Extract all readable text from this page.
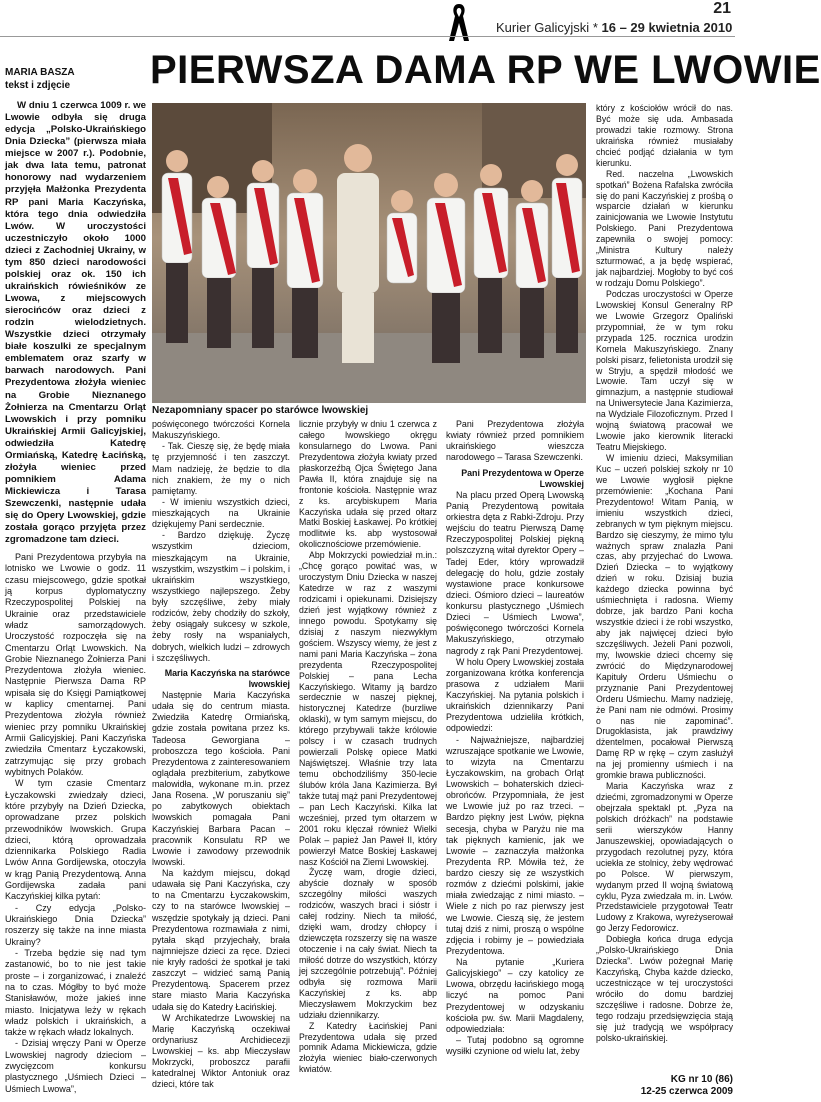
Kurier Galicyjski * 16 – 29 kwietnia 2010
21
MARIA BASZA
tekst i zdjęcie	PIERWSZA DAMA RP WE LWOWIE

W dniu 1 czerwca 1009 r. we Lwowie odbyła się druga edycja „Polsko-Ukraińskiego Dnia Dziecka” (pierwsza miała miejsce w 2007 r.). Podobnie, jak dwa lata temu, patronat honorowy nad wydarzeniem przyjęła Małżonka Prezydenta RP pani Maria Kaczyńska, która tego dnia odwiedziła Lwów. W uroczystości uczestniczyło około 1000 dzieci z Zachodniej Ukrainy, w tym 850 dzieci narodowości polskiej oraz ok. 150 ich ukraińskich rówieśników ze Lwowa, z miejscowych sierocińców oraz dzieci z rodzin wielodzietnych. Wszystkie dzieci otrzymały białe koszulki ze specjalnym emblematem oraz szarfy w barwach narodowych. Pani Prezydentowa złożyła wieniec na Grobie Nieznanego Żołnierza na Cmentarzu Orląt Lwowskich i przy pomniku Ukraińskiej Armii Galicyjskiej, odwiedziła Katedrę Ormiańską, Katedrę Łacińską, złożyła wieniec przed pomnikiem Adama Mickiewicza i Tarasa Szewczenki, następnie udała się do Opery Lwowskiej, gdzie została gorąco przyjęta przez zgromadzone tam dzieci.

Nezapomniany spacer po starówce lwowskiej

Pani Prezydentowa przybyła na lotnisko we Lwowie o godz. 11 czasu miejscowego, gdzie spotkał ją korpus dyplomatyczny Rzeczypospolitej Polskiej na Ukrainie oraz przedstawiciele władz samorządowych. Uroczystość rozpoczęła się na Cmentarzu Orląt Lwowskich. Na Grobie Nieznanego Żołnierza Pani Prezydentowa złożyła wieniec. Następnie Pierwsza Dama RP wpisała się do Księgi Pamiątkowej w kaplicy cmentarnej. Pani Prezydentowa złożyła również wieniec przy pomniku Ukraińskiej Armii Galicyjskiej. Pani Kaczyńska zwiedziła Cmentarz Łyczakowski, zatrzymując się przy grobach wybitnych Polaków.

W tym czasie Cmentarz Łyczakowski zwiedzały dzieci, które przybyły na Dzień Dziecka, oprowadzane przez polskich przewodników lwowskich. Grupa dzieci, którą oprowadzała dziennikarka Polskiego Radia Lwów Anna Gordijewska, otoczyła w krąg Panią Prezydentową. Anna Gordijewska zadała pani Kaczyńskiej kilka pytań:

- Czy edycja „Polsko-Ukraińskiego Dnia Dziecka” roszerzy się także na inne miasta Ukrainy?

- Trzeba będzie się nad tym zastanowić, bo to nie jest takie proste – i zorganizować, i znaleźć na to czas. Mógłby to być może Stanisławów, może jakieś inne miasto. Inicjatywa leży w rękach władz polskich i ukraińskich, a także w rękach władz lokalnych.

- Dzisiaj wręczy Pani w Operze Lwowskiej nagrody dzieciom – zwycięzcom konkursu plastycznego „Uśmiech Dzieci – Uśmiech Lwowa”,

poświęconego twórczości Kornela Makuszyńskiego.

- Tak. Cieszę się, że będę miała tę przyjemność i ten zaszczyt. Mam nadzieję, że będzie to dla nich znakiem, że my o nich pamiętamy.

- W imieniu wszystkich dzieci, mieszkających na Ukrainie dziękujemy Pani serdecznie.

- Bardzo dziękuję. Życzę wszystkim dzieciom, mieszkającym na Ukrainie, wszystkim, wszystkim – i polskim, i ukraińskim wszystkiego, wszystkiego najlepszego. Żeby były szczęśliwe, żeby miały rodziców, żeby chodziły do szkoły, żeby osiągały sukcesy w szkole, żeby rosły na wspaniałych, dobrych, wielkich ludzi – zdrowych i szczęśliwych.

Maria Kaczyńska na starówce lwowskiej

Następnie Maria Kaczyńska udała się do centrum miasta. Zwiedziła Katedrę Ormiańską, gdzie została powitana przez ks. Tadeosa Geworgiana – proboszcza tego kościoła. Pani Prezydentowa z zainteresowaniem oglądała prezbiterium, zabytkowe malowidła, wykonane m.in. przez Jana Rosena. „W poruszaniu się” po zabytkowych obiektach lwowskich pomagała Pani Kaczyńskiej Barbara Pacan – pracownik Konsulatu RP we Lwowie i zawodowy przewodnik lwowski.

Na każdym miejscu, dokąd udawała się Pani Kaczyńska, czy to na Cmentarzu Łyczakowskim, czy to na starówce lwowskiej – wszędzie spotykały ją dzieci. Pani Prezydentowa rozmawiała z nimi, pytała skąd przyjechały, brała najmniejsze dzieci za ręce. Dzieci nie kryły radości że spotkał je taki zaszczyt – widzieć samą Panią Prezydentową. Spacerem przez stare miasto Maria Kaczyńska udała się do Katedry Łacińskiej.

W Archikatedrze Lwowskiej na Marię Kaczyńską oczekiwał ordynariusz Archidiecezji Lwowskiej – ks. abp Mieczysław Mokrzycki, proboszcz parafii katedralnej Wiktor Antoniuk oraz dzieci, które tak

licznie przybyły w dniu 1 czerwca z całego lwowskiego okręgu konsularnego do Lwowa. Pani Prezydentowa złożyła kwiaty przed płaskorzeźbą Ojca Świętego Jana Pawła II, która znajduje się na frontonie kościoła. Następnie wraz z ks. arcybiskupem Maria Kaczyńska udała się przed ołtarz Matki Boskiej Łaskawej. Po krótkiej modlitwie ks. abp wystosował okolicznościowe przemówienie.

Abp Mokrzycki powiedział m.in.: „Chcę gorąco powitać was, w uroczystym Dniu Dziecka w naszej Katedrze w raz z waszymi rodzicami i opiekunami. Dzisiejszy dzień jest wyjątkowy również z innego powodu. Spotykamy się dzisiaj z naszym niezwykłym gościem. Wszyscy wiemy, że jest z nami pani Maria Kaczyńska – żona prezydenta Rzeczypospolitej Polskiej – pana Lecha Kaczyńskiego. Witamy ją bardzo serdecznie w naszej pięknej, historycznej Katedrze (burzliwe oklaski), w tym samym miejscu, do którego przybywali także królowie polscy i w czasach trudnych powierzali Polskę opiece Matki Najświętszej. Właśnie trzy lata temu obchodziliśmy 350-lecie ślubów króla Jana Kazimierza. Był także tutaj mąż pani Prezydentowej – pan Lech Kaczyński. Kilka lat wcześniej, przed tym ołtarzem w 2001 roku klęczał również Wielki Polak – papież Jan Paweł II, który powierzył Matce Boskiej Łaskawej nasz Kościół na Ziemi Lwowskiej.

Życzę wam, drogie dzieci, abyście doznały w sposób szczególny miłości waszych rodziców, waszych braci i sióstr i całej rodziny. Niech ta miłość, dzięki wam, drodzy chłopcy i dziewczęta rozszerzy się na wasze otoczenie i na cały świat. Niech ta miłość dotrze do wszystkich, którzy jej szczególnie potrzebują”. Później odbyła się rozmowa Marii Kaczyńskiej z ks. abp Mieczysławem Mokrzyckim bez udziału dziennikarzy.

Z Katedry Łacińskiej Pani Prezydentowa udała się przed pomnik Adama Mickiewicza, gdzie złożyła wieniec biało-czerwonych kwiatów.

Pani Prezydentowa złożyła kwiaty również przed pomnikiem ukraińskiego wieszcza narodowego – Tarasa Szewczenki.

Pani Prezydentowa w Operze Lwowskiej

Na placu przed Operą Lwowską Panią Prezydentową powitała orkiestra dęta z Rabki-Zdroju. Przy wejściu do teatru Pierwszą Damę Rzeczypospolitej Polskiej piękną polszczyzną witał dyrektor Opery – Tadej Eder, który wprowadził delegację do holu, gdzie zostały wystawione prace konkursowe dzieci. Ośmioro dzieci – laureatów konkursu plastycznego „Uśmiech Dzieci – Uśmiech Lwowa”, poświęconego twórczości Kornela Makuszyńskiego, otrzymało nagrody z rąk Pani Prezydentowej.

W holu Opery Lwowskiej została zorganizowana krótka konferencja prasowa z udziałem Marii Kaczyńskiej. Na pytania polskich i ukraińskich dziennikarzy Pani Prezydentowa udzieliła krótkich, odpowiedzi:

- Najważniejsze, najbardziej wzruszające spotkanie we Lwowie, to wizyta na Cmentarzu Łyczakowskim, na grobach Orląt Lwowskich – bohaterskich dzieci-obrońców. Przypomniała, że jest we Lwowie już po raz trzeci. – Bardzo piękny jest Lwów, piękna secesja, chyba w Paryżu nie ma tak pięknych kamienic, jak we Lwowie – zaznaczyła małżonka Prezydenta RP. Mówiła też, że bardzo cieszy się ze wszystkich rozmów z dziećmi polskimi, jakie miała zwiedzając z nimi miasto. – Wiele z nich po raz pierwszy jest we Lwowie. Cieszą się, że jestem tutaj dziś z nimi, proszą o wspólne zdjęcia i robimy je – powiedziała Prezydentowa.

Na pytanie „Kuriera Galicyjskiego” – czy katolicy ze Lwowa, obrzędu łacińskiego mogą liczyć na pomoc Pani Prezydentowej w odzyskaniu kościoła pw. św. Marii Magdaleny, odpowiedziała:

– Tutaj podobno są ogromne wysiłki czynione od wielu lat, żeby

który z kościołów wrócił do nas. Być może się uda. Ambasada prowadzi takie rozmowy. Strona ukraińska również musiałaby chcieć podjąć działania w tym kierunku.

Red. naczelna „Lwowskich spotkań” Bożena Rafalska zwróciła się do pani Kaczyńskiej z prośbą o wsparcie działań w kierunku zainicjowania we Lwowie Instytutu Polskiego. Pani Prezydentowa zapewniła o swojej pomocy: „Ministra Kultury należy szturmować, a ja będę wspierać, jak najbardziej. Mogłoby to być coś w rodzaju Domu Polskiego”.

Podczas uroczystości w Operze Lwowskiej Konsul Generalny RP we Lwowie Grzegorz Opaliński przypomniał, że w tym roku przypada 125. rocznica urodzin Kornela Makuszyńskiego. Znany polski pisarz, felietonista urodził się w Stryju, a spędził młodość we Lwowie. Tam uczył się w gimnazjum, a następnie studiował na Uniwersytecie Jana Kazimierza, na Wydziale Filozoficznym. Przed I wojną światową pracował we Lwowie jako kierownik literacki Teatru Miejskiego.

W imieniu dzieci, Maksymilian Kuc – uczeń polskiej szkoły nr 10 we Lwowie wygłosił piękne przemówienie: „Kochana Pani Prezydentowo! Witam Panią, w imieniu wszystkich dzieci, zebranych w tym pięknym miejscu. Bardzo się cieszymy, że mimo tylu ważnych spraw znalazła Pani czas, aby przyjechać do Lwowa. Dzień Dziecka – to wyjątkowy dzień w roku. Dzisiaj buzia każdego dziecka powinna być uśmiechnięta i radosna. Wiemy dobrze, jak bardzo Pani kocha wszystkie dzieci i że robi wszystko, aby jak najwięcej dzieci było szczęśliwych. Jeżeli Pani pozwoli, my, lwowskie dzieci chcemy się zwrócić do Międzynarodowej Kapituły Orderu Uśmiechu o przyznanie Pani Prezydentowej Orderu Uśmiechu. Mamy nadzieję, że Pani nam nie odmówi. Prosimy o nas nie zapominać”. Drugoklasista, jak prawdziwy dżentelmen, pocałował Pierwszą Damę RP w rękę – czym zasłużył na jej promienny uśmiech i na gromkie brawa publiczności.

Maria Kaczyńska wraz z dziećmi, zgromadzonymi w Operze obejrzała spektakl pt. „Pyza na polskich dróżkach” na podstawie serii wierszyków Hanny Januszewskiej, opowiadających o przygodach rezolutnej pyzy, która uciekła ze stolnicy, żeby wędrować po Polsce. W pierwszym, wydanym przed II wojną światową cyklu, Pyza zwiedzała m. in. Lwów. Przedstawiciele przygotował Teatr Ludowy z Krakowa, wyreżyserował go Jerzy Fedorowicz.

Dobiegła końca druga edycja „Polsko-Ukraińskiego Dnia Dziecka”. Lwów pożegnał Marię Kaczyńską, Chyba każde dziecko, uczestniczące w tej uroczystości wróciło do domu bardziej szczęśliwe i radosne. Dobrze że, tego rodzaju przedsięwzięcia stają się już tradycją we współpracy polsko-ukraińskiej.

KG nr 10 (86)
12-25 czerwca 2009
